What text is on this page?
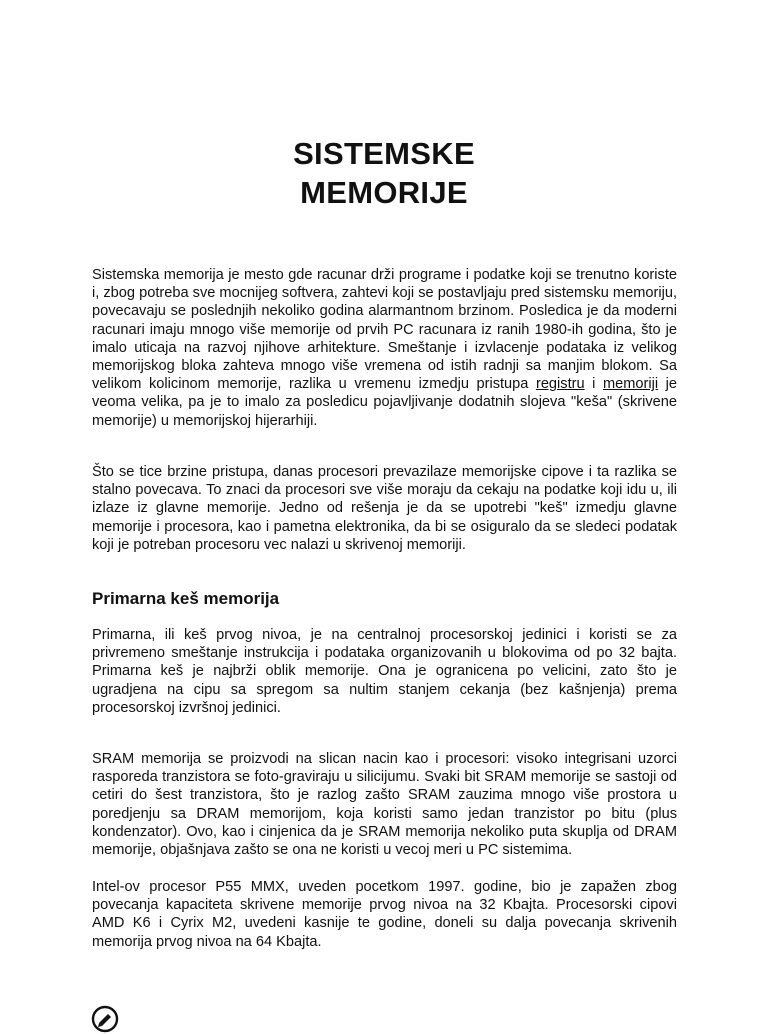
SISTEMSKE
MEMORIJE

Sistemska memorija je mesto gde racunar drži programe i podatke koji se trenutno koriste i, zbog potreba sve mocnijeg softvera, zahtevi koji se postavljaju pred sistemsku memoriju, povecavaju se poslednjih nekoliko godina alarmantnom brzinom. Posledica je da moderni racunari imaju mnogo više memorije od prvih PC racunara iz ranih 1980-ih godina, što je imalo uticaja na razvoj njihove arhitekture. Smeštanje i izvlacenje podataka iz velikog memorijskog bloka zahteva mnogo više vremena od istih radnji sa manjim blokom. Sa velikom kolicinom memorije, razlika u vremenu izmedju pristupa registru i memoriji je veoma velika, pa je to imalo za posledicu pojavljivanje dodatnih slojeva "keša" (skrivene memorije) u memorijskoj hijerarhiji.

Što se tice brzine pristupa, danas procesori prevazilaze memorijske cipove i ta razlika se stalno povecava. To znaci da procesori sve više moraju da cekaju na podatke koji idu u, ili izlaze iz glavne memorije. Jedno od rešenja je da se upotrebi "keš" izmedju glavne memorije i procesora, kao i pametna elektronika, da bi se osiguralo da se sledeci podatak koji je potreban procesoru vec nalazi u skrivenoj memoriji.

Primarna keš memorija

Primarna, ili keš prvog nivoa, je na centralnoj procesorskoj jedinici i koristi se za privremeno smeštanje instrukcija i podataka organizovanih u blokovima od po 32 bajta. Primarna keš je najbrži oblik memorije. Ona je ogranicena po velicini, zato što je ugradjena na cipu sa spregom sa nultim stanjem cekanja (bez kašnjenja) prema procesorskoj izvršnoj jedinici.

SRAM memorija se proizvodi na slican nacin kao i procesori: visoko integrisani uzorci rasporeda tranzistora se foto-graviraju u silicijumu. Svaki bit SRAM memorije se sastoji od cetiri do šest tranzistora, što je razlog zašto SRAM zauzima mnogo više prostora u poredjenju sa DRAM memorijom, koja koristi samo jedan tranzistor po bitu (plus kondenzator). Ovo, kao i cinjenica da je SRAM memorija nekoliko puta skuplja od DRAM memorije, objašnjava zašto se ona ne koristi u vecoj meri u PC sistemima.

Intel-ov procesor P55 MMX, uveden pocetkom 1997. godine, bio je zapažen zbog povecanja kapaciteta skrivene memorije prvog nivoa na 32 Kbajta. Procesorski cipovi AMD K6 i Cyrix M2, uvedeni kasnije te godine, doneli su dalja povecanja skrivenih memorija prvog nivoa na 64 Kbajta.
